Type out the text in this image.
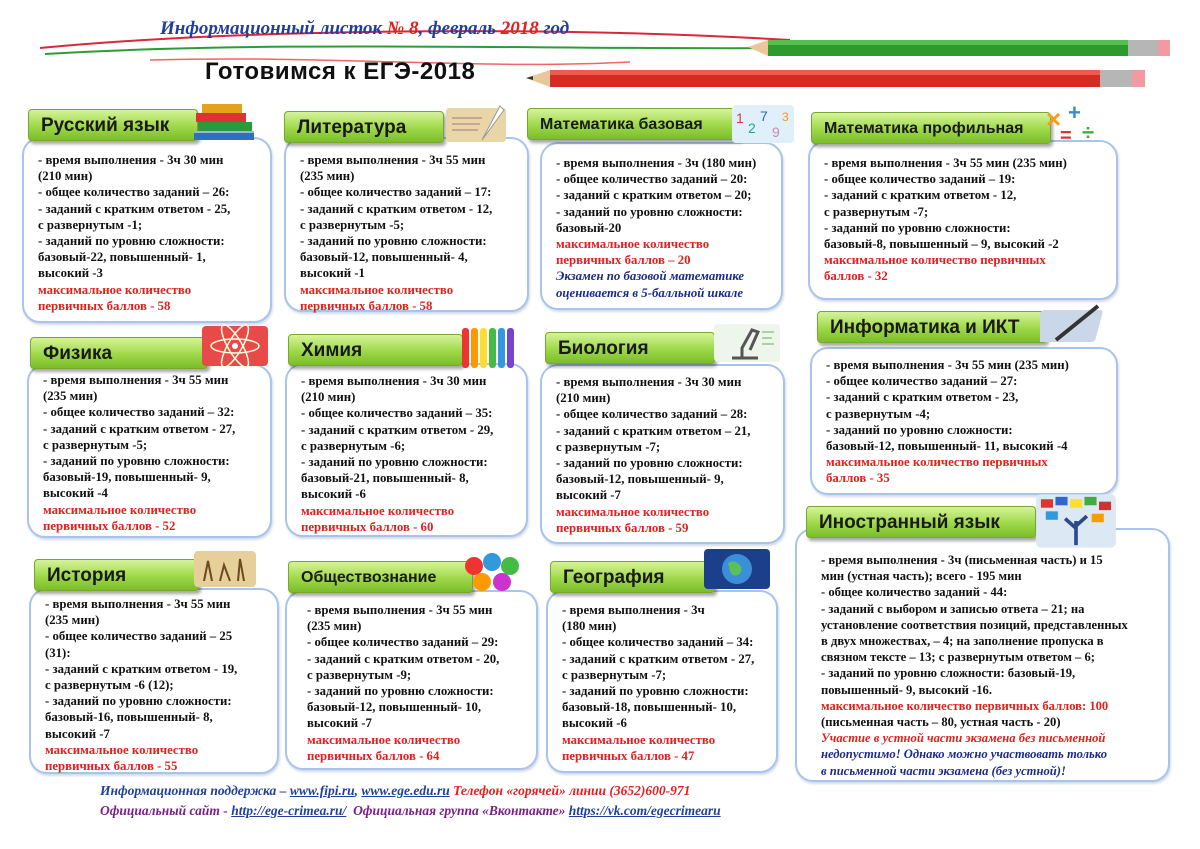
Информационный листок № 8, февраль 2018 год
Готовимся к ЕГЭ-2018
- время выполнения - 3ч 30 мин
(210 мин)
- общее количество заданий – 26:
- заданий с кратким ответом - 25,
с развернутым -1;
- заданий по уровню сложности:
базовый-22, повышенный- 1,
высокий -3
максимальное количество
первичных баллов - 58
Русский язык
- время выполнения - 3ч 55 мин
(235 мин)
- общее количество заданий – 17:
- заданий с кратким ответом - 12,
с развернутым -5;
- заданий по уровню сложности:
базовый-12, повышенный- 4,
высокий -1
максимальное количество
первичных баллов - 58
Литература
- время выполнения - 3ч (180 мин)
- общее количество заданий – 20:
- заданий с кратким ответом – 20;
- заданий по уровню сложности:
базовый-20
максимальное количество
первичных баллов – 20
Экзамен по базовой математике
оценивается в 5-балльной шкале
Математика базовая	1
2
7
9
3
- время выполнения - 3ч 55 мин (235 мин)
- общее количество заданий – 19:
- заданий с кратким ответом - 12,
с развернутым -7;
- заданий по уровню сложности:
базовый-8, повышенный – 9, высокий -2
максимальное количество первичных
баллов - 32
Математика профильная × +
÷
=
- время выполнения - 3ч 55 мин
(235 мин)
- общее количество заданий – 32:
- заданий с кратким ответом - 27,
с развернутым -5;
- заданий по уровню сложности:
базовый-19, повышенный- 9,
высокий -4
максимальное количество
первичных баллов - 52
Физика
- время выполнения - 3ч 30 мин
(210 мин)
- общее количество заданий – 35:
- заданий с кратким ответом - 29,
с развернутым -6;
- заданий по уровню сложности:
базовый-21, повышенный- 8,
высокий -6
максимальное количество
первичных баллов - 60
Химия
- время выполнения - 3ч 30 мин
(210 мин)
- общее количество заданий – 28:
- заданий с кратким ответом – 21,
с развернутым -7;
- заданий по уровню сложности:
базовый-12, повышенный- 9,
высокий -7
максимальное количество
первичных баллов - 59
Биология
- время выполнения - 3ч 55 мин (235 мин)
- общее количество заданий – 27:
- заданий с кратким ответом - 23,
с развернутым -4;
- заданий по уровню сложности:
базовый-12, повышенный- 11, высокий -4
максимальное количество первичных
баллов - 35
Информатика и ИКТ
- время выполнения - 3ч 55 мин
(235 мин)
- общее количество заданий – 25
(31):
- заданий с кратким ответом - 19,
с развернутым -6 (12);
- заданий по уровню сложности:
базовый-16, повышенный- 8,
высокий -7
максимальное количество
первичных баллов - 55
История
- время выполнения - 3ч 55 мин
(235 мин)
- общее количество заданий – 29:
- заданий с кратким ответом - 20,
с развернутым -9;
- заданий по уровню сложности:
базовый-12, повышенный- 10,
высокий -7
максимальное количество
первичных баллов - 64
Обществознание
- время выполнения - 3ч
(180 мин)
- общее количество заданий – 34:
- заданий с кратким ответом - 27,
с развернутым -7;
- заданий по уровню сложности:
базовый-18, повышенный- 10,
высокий -6
максимальное количество
первичных баллов - 47
География
- время выполнения - 3ч (письменная часть) и 15
мин (устная часть); всего - 195 мин
- общее количество заданий - 44:
- заданий с выбором и записью ответа – 21; на
установление соответствия позиций, представленных
в двух множествах, – 4; на заполнение пропуска в
связном тексте – 13; с развернутым ответом – 6;
- заданий по уровню сложности: базовый-19,
повышенный- 9, высокий -16.
максимальное количество первичных баллов: 100
(письменная часть – 80, устная часть - 20)
Участие в устной части экзамена без письменной
недопустимо! Однако можно участвовать только
в письменной части экзамена (без устной)!
Иностранный язык
Информационная поддержка – www.fipi.ru, www.ege.edu.ru Телефон «горячей» линии (3652)600-971
Официальный сайт - http://ege-crimea.ru/ Официальная группа «Вконтакте» https://vk.com/egecrimearu
